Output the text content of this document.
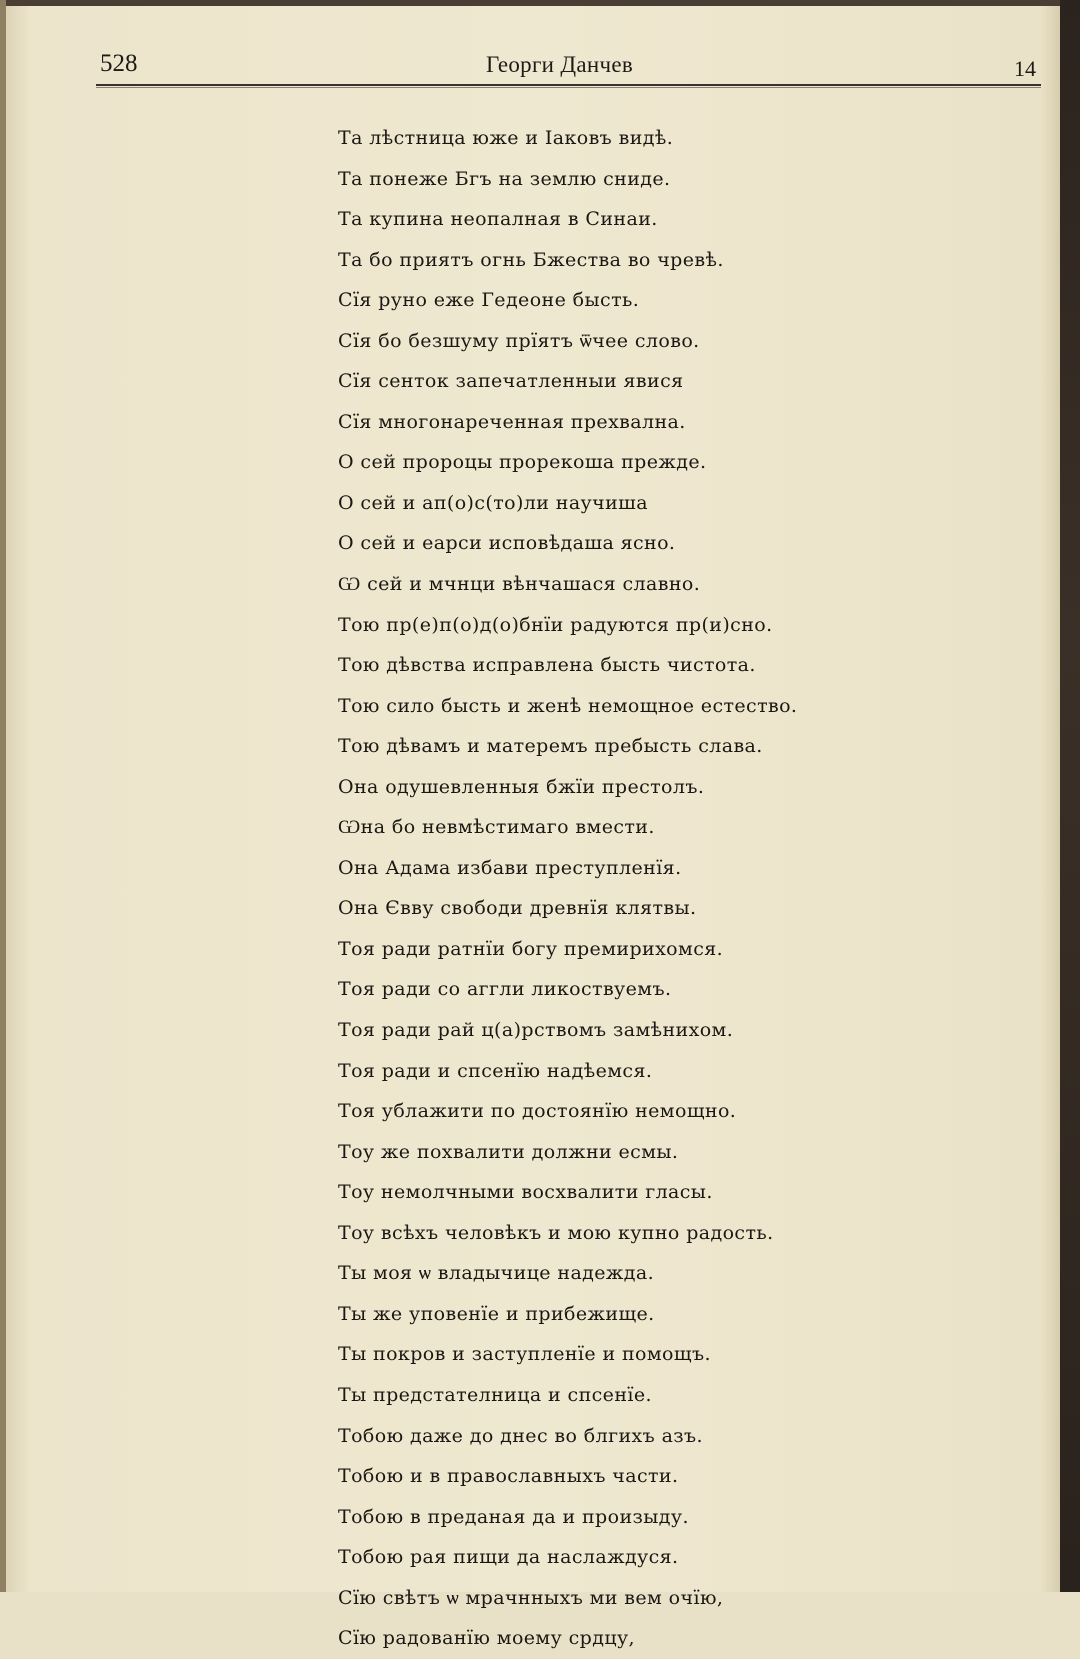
528	Георги Данчев	14
Та лѣстница юже и Іаковъ видѣ.
Та понеже Бгъ на землю сниде.
Та купина неопалная в Синаи.
Та бо приятъ огнь Бжества во чревѣ.
Сїя руно еже Гедеоне бысть.
Сїя бо безшуму прїятъ ѿчее слово.
Сїя сенток запечатленныи явися
Сїя многонареченная прехвална.
О сей пророцы прорекоша прежде.
О сей и ап(о)с(то)ли научиша
О сей и еарси исповѣдаша ясно.
Ѡ сей и мчнци вѣнчашася славно.
Тою пр(е)п(о)д(о)бнїи радуются пр(и)сно.
Тою дѣвства исправлена бысть чистота.
Тою сило бысть и женѣ немощное естество.
Тою дѣвамъ и матеремъ пребысть слава.
Она одушевленныя бжїи престолъ.
Ѡна бо невмѣстимаго вмести.
Она Адама избави преступленїя.
Она Євву свободи древнїя клятвы.
Тоя ради ратнїи богу премирихомся.
Тоя ради со аггли ликоствуемъ.
Тоя ради рай ц(а)рствомъ замѣнихом.
Тоя ради и спсенїю надѣемся.
Тоя ублажити по достоянїю немощно.
Тоу же похвалити должни есмы.
Тоу немолчными восхвалити гласы.
Тоу всѣхъ человѣкъ и мою купно радость.
Ты моя ѡ владычице надежда.
Ты же уповенїе и прибежище.
Ты покров и заступленїе и помощъ.
Ты предстателница и спсенїе.
Тобою даже до днес во блгихъ азъ.
Тобою и в православныхъ части.
Тобою в преданая да и произыду.
Тобою рая пищи да наслаждуся.
Сїю свѣтъ ѡ мрачнныхъ ми вем очїю,
Сїю радованїю моему срдцу,
